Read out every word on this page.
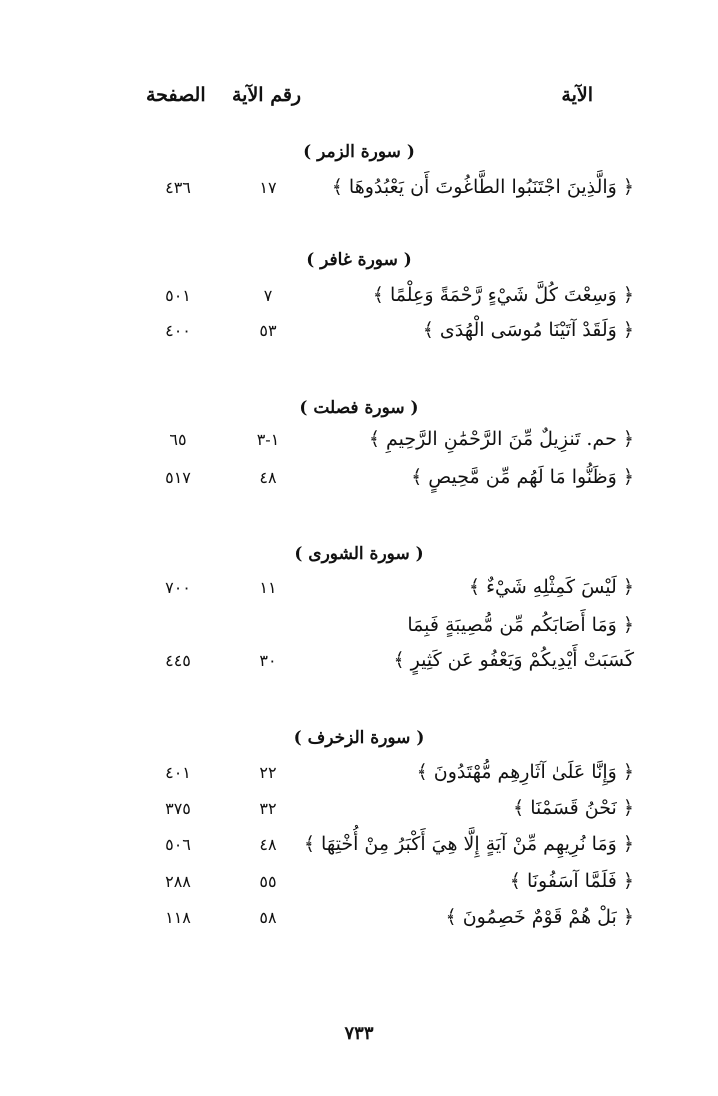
الآية
رقم الآية
الصفحة
( سورة الزمر )
﴿ وَالَّذِينَ اجْتَنَبُوا الطَّاغُوتَ أَن يَعْبُدُوهَا ﴾
١٧
٤٣٦
( سورة غافر )
﴿ وَسِعْتَ كُلَّ شَيْءٍ رَّحْمَةً وَعِلْمًا ﴾
٧
٥٠١
﴿ وَلَقَدْ آتَيْنَا مُوسَى الْهُدَى ﴾
٥٣
٤٠٠
( سورة فصلت )
﴿ حم. تَنزِيلٌ مِّنَ الرَّحْمَٰنِ الرَّحِيمِ ﴾
١-٣
٦٥
﴿ وَظَنُّوا مَا لَهُم مِّن مَّحِيصٍ ﴾
٤٨
٥١٧
( سورة الشورى )
﴿ لَيْسَ كَمِثْلِهِ شَيْءٌ ﴾
١١
٧٠٠
﴿ وَمَا أَصَابَكُم مِّن مُّصِيبَةٍ فَبِمَا
كَسَبَتْ أَيْدِيكُمْ وَيَعْفُو عَن كَثِيرٍ ﴾
٣٠
٤٤٥
( سورة الزخرف )
﴿ وَإِنَّا عَلَىٰ آثَارِهِم مُّهْتَدُونَ ﴾
٢٢
٤٠١
﴿ نَحْنُ قَسَمْنَا ﴾
٣٢
٣٧٥
﴿ وَمَا نُرِيهِم مِّنْ آيَةٍ إِلَّا هِيَ أَكْبَرُ مِنْ أُخْتِهَا ﴾
٤٨
٥٠٦
﴿ فَلَمَّا آسَفُونَا ﴾
٥٥
٢٨٨
﴿ بَلْ هُمْ قَوْمٌ خَصِمُونَ ﴾
٥٨
١١٨
٧٣٣
